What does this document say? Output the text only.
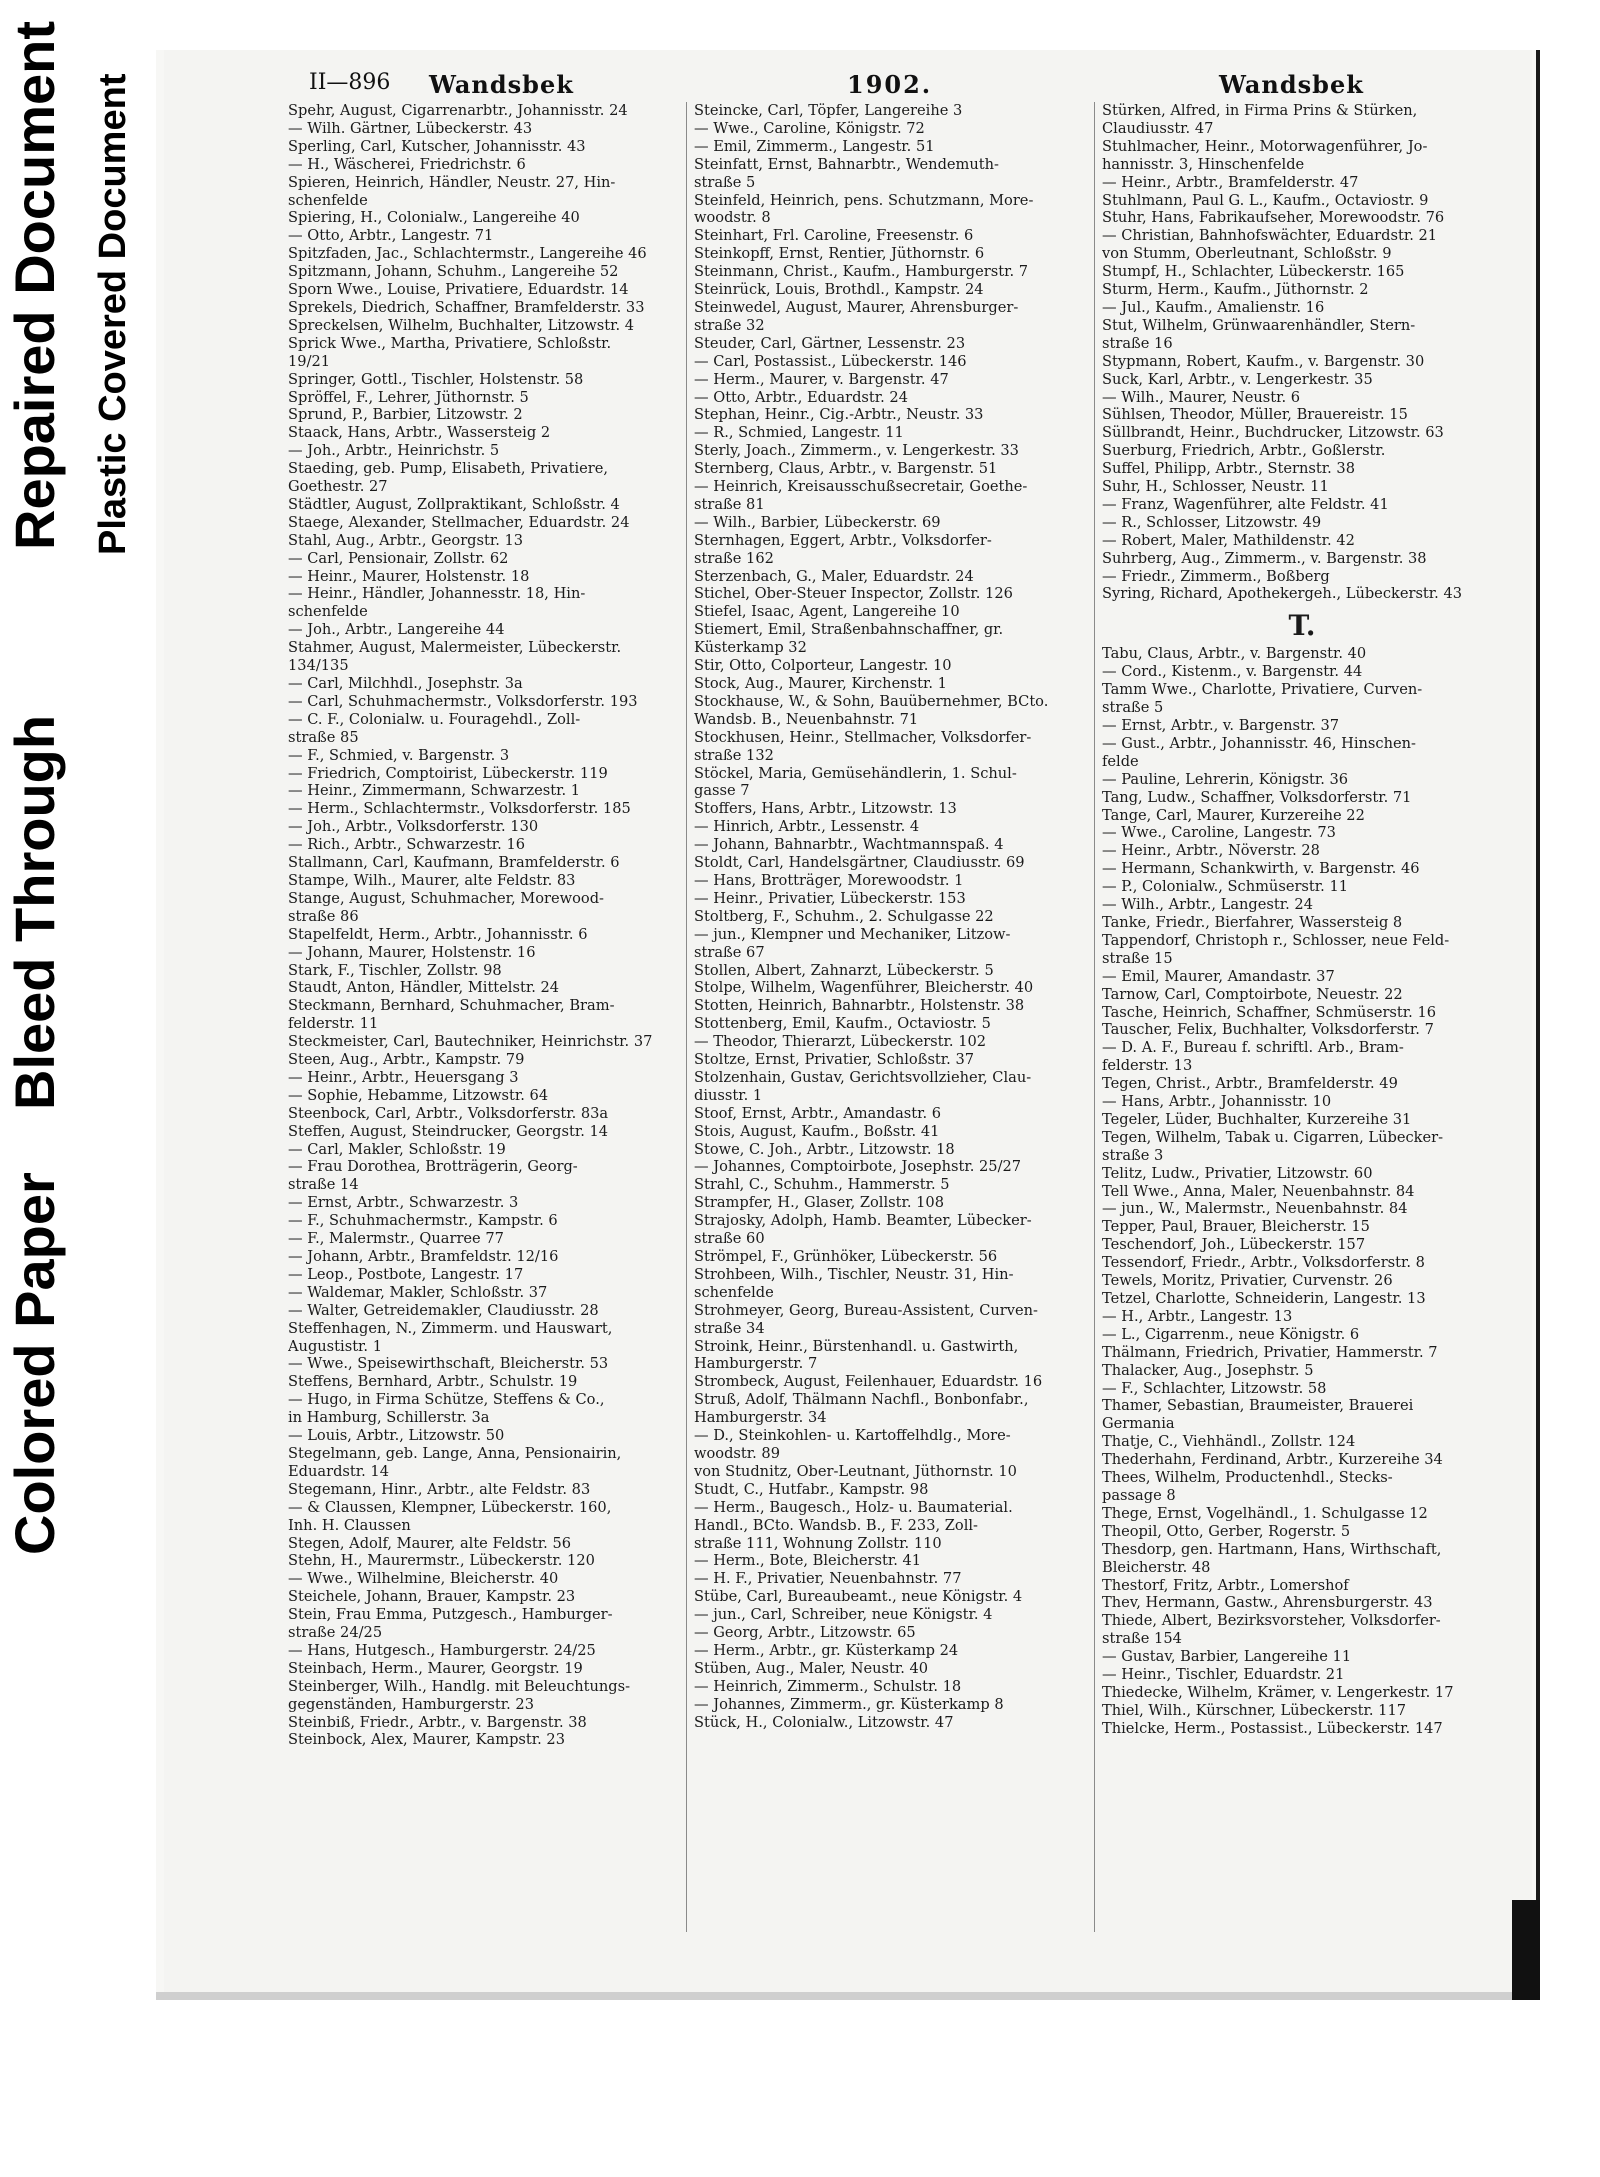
Colored Paper
Bleed Through
Repaired Document Plastic Covered Document	II—896 Wandsbek	1902.	Wandsbek
Spehr, August, Cigarrenarbtr., Johannisstr. 24
— Wilh. Gärtner, Lübeckerstr. 43
Sperling, Carl, Kutscher, Johannisstr. 43
— H., Wäscherei, Friedrichstr. 6
Spieren, Heinrich, Händler, Neustr. 27, Hin-
schenfelde
Spiering, H., Colonialw., Langereihe 40
— Otto, Arbtr., Langestr. 71
Spitzfaden, Jac., Schlachtermstr., Langereihe 46
Spitzmann, Johann, Schuhm., Langereihe 52
Sporn Wwe., Louise, Privatiere, Eduardstr. 14
Sprekels, Diedrich, Schaffner, Bramfelderstr. 33
Spreckelsen, Wilhelm, Buchhalter, Litzowstr. 4
Sprick Wwe., Martha, Privatiere, Schloßstr.
19/21
Springer, Gottl., Tischler, Holstenstr. 58
Spröffel, F., Lehrer, Jüthornstr. 5
Sprund, P., Barbier, Litzowstr. 2
Staack, Hans, Arbtr., Wassersteig 2
— Joh., Arbtr., Heinrichstr. 5
Staeding, geb. Pump, Elisabeth, Privatiere,
Goethestr. 27
Städtler, August, Zollpraktikant, Schloßstr. 4
Staege, Alexander, Stellmacher, Eduardstr. 24
Stahl, Aug., Arbtr., Georgstr. 13
— Carl, Pensionair, Zollstr. 62
— Heinr., Maurer, Holstenstr. 18
— Heinr., Händler, Johannesstr. 18, Hin-
schenfelde
— Joh., Arbtr., Langereihe 44
Stahmer, August, Malermeister, Lübeckerstr.
134/135
— Carl, Milchhdl., Josephstr. 3a
— Carl, Schuhmachermstr., Volksdorferstr. 193
— C. F., Colonialw. u. Fouragehdl., Zoll-
straße 85
— F., Schmied, v. Bargenstr. 3
— Friedrich, Comptoirist, Lübeckerstr. 119
— Heinr., Zimmermann, Schwarzestr. 1
— Herm., Schlachtermstr., Volksdorferstr. 185
— Joh., Arbtr., Volksdorferstr. 130
— Rich., Arbtr., Schwarzestr. 16
Stallmann, Carl, Kaufmann, Bramfelderstr. 6
Stampe, Wilh., Maurer, alte Feldstr. 83
Stange, August, Schuhmacher, Morewood-
straße 86
Stapelfeldt, Herm., Arbtr., Johannisstr. 6
— Johann, Maurer, Holstenstr. 16
Stark, F., Tischler, Zollstr. 98
Staudt, Anton, Händler, Mittelstr. 24
Steckmann, Bernhard, Schuhmacher, Bram-
felderstr. 11
Steckmeister, Carl, Bautechniker, Heinrichstr. 37
Steen, Aug., Arbtr., Kampstr. 79
— Heinr., Arbtr., Heuersgang 3
— Sophie, Hebamme, Litzowstr. 64
Steenbock, Carl, Arbtr., Volksdorferstr. 83a
Steffen, August, Steindrucker, Georgstr. 14
— Carl, Makler, Schloßstr. 19
— Frau Dorothea, Brotträgerin, Georg-
straße 14
— Ernst, Arbtr., Schwarzestr. 3
— F., Schuhmachermstr., Kampstr. 6
— F., Malermstr., Quarree 77
— Johann, Arbtr., Bramfeldstr. 12/16
— Leop., Postbote, Langestr. 17
— Waldemar, Makler, Schloßstr. 37
— Walter, Getreidemakler, Claudiusstr. 28
Steffenhagen, N., Zimmerm. und Hauswart,
Augustistr. 1
— Wwe., Speisewirthschaft, Bleicherstr. 53
Steffens, Bernhard, Arbtr., Schulstr. 19
— Hugo, in Firma Schütze, Steffens & Co.,
in Hamburg, Schillerstr. 3a
— Louis, Arbtr., Litzowstr. 50
Stegelmann, geb. Lange, Anna, Pensionairin,
Eduardstr. 14
Stegemann, Hinr., Arbtr., alte Feldstr. 83
— & Claussen, Klempner, Lübeckerstr. 160,
Inh. H. Claussen
Stegen, Adolf, Maurer, alte Feldstr. 56
Stehn, H., Maurermstr., Lübeckerstr. 120
— Wwe., Wilhelmine, Bleicherstr. 40
Steichele, Johann, Brauer, Kampstr. 23
Stein, Frau Emma, Putzgesch., Hamburger-
straße 24/25
— Hans, Hutgesch., Hamburgerstr. 24/25
Steinbach, Herm., Maurer, Georgstr. 19
Steinberger, Wilh., Handlg. mit Beleuchtungs-
gegenständen, Hamburgerstr. 23
Steinbiß, Friedr., Arbtr., v. Bargenstr. 38
Steinbock, Alex, Maurer, Kampstr. 23
Steincke, Carl, Töpfer, Langereihe 3
— Wwe., Caroline, Königstr. 72
— Emil, Zimmerm., Langestr. 51
Steinfatt, Ernst, Bahnarbtr., Wendemuth-
straße 5
Steinfeld, Heinrich, pens. Schutzmann, More-
woodstr. 8
Steinhart, Frl. Caroline, Freesenstr. 6
Steinkopff, Ernst, Rentier, Jüthornstr. 6
Steinmann, Christ., Kaufm., Hamburgerstr. 7
Steinrück, Louis, Brothdl., Kampstr. 24
Steinwedel, August, Maurer, Ahrensburger-
straße 32
Steuder, Carl, Gärtner, Lessenstr. 23
— Carl, Postassist., Lübeckerstr. 146
— Herm., Maurer, v. Bargenstr. 47
— Otto, Arbtr., Eduardstr. 24
Stephan, Heinr., Cig.-Arbtr., Neustr. 33
— R., Schmied, Langestr. 11
Sterly, Joach., Zimmerm., v. Lengerkestr. 33
Sternberg, Claus, Arbtr., v. Bargenstr. 51
— Heinrich, Kreisausschußsecretair, Goethe-
straße 81
— Wilh., Barbier, Lübeckerstr. 69
Sternhagen, Eggert, Arbtr., Volksdorfer-
straße 162
Sterzenbach, G., Maler, Eduardstr. 24
Stichel, Ober-Steuer Inspector, Zollstr. 126
Stiefel, Isaac, Agent, Langereihe 10
Stiemert, Emil, Straßenbahnschaffner, gr.
Küsterkamp 32
Stir, Otto, Colporteur, Langestr. 10
Stock, Aug., Maurer, Kirchenstr. 1
Stockhause, W., & Sohn, Bauübernehmer, BCto.
Wandsb. B., Neuenbahnstr. 71
Stockhusen, Heinr., Stellmacher, Volksdorfer-
straße 132
Stöckel, Maria, Gemüsehändlerin, 1. Schul-
gasse 7
Stoffers, Hans, Arbtr., Litzowstr. 13
— Hinrich, Arbtr., Lessenstr. 4
— Johann, Bahnarbtr., Wachtmannspaß. 4
Stoldt, Carl, Handelsgärtner, Claudiusstr. 69
— Hans, Brotträger, Morewoodstr. 1
— Heinr., Privatier, Lübeckerstr. 153
Stoltberg, F., Schuhm., 2. Schulgasse 22
— jun., Klempner und Mechaniker, Litzow-
straße 67
Stollen, Albert, Zahnarzt, Lübeckerstr. 5
Stolpe, Wilhelm, Wagenführer, Bleicherstr. 40
Stotten, Heinrich, Bahnarbtr., Holstenstr. 38
Stottenberg, Emil, Kaufm., Octaviostr. 5
— Theodor, Thierarzt, Lübeckerstr. 102
Stoltze, Ernst, Privatier, Schloßstr. 37
Stolzenhain, Gustav, Gerichtsvollzieher, Clau-
diusstr. 1
Stoof, Ernst, Arbtr., Amandastr. 6
Stois, August, Kaufm., Boßstr. 41
Stowe, C. Joh., Arbtr., Litzowstr. 18
— Johannes, Comptoirbote, Josephstr. 25/27
Strahl, C., Schuhm., Hammerstr. 5
Strampfer, H., Glaser, Zollstr. 108
Strajosky, Adolph, Hamb. Beamter, Lübecker-
straße 60
Strömpel, F., Grünhöker, Lübeckerstr. 56
Strohbeen, Wilh., Tischler, Neustr. 31, Hin-
schenfelde
Strohmeyer, Georg, Bureau-Assistent, Curven-
straße 34
Stroink, Heinr., Bürstenhandl. u. Gastwirth,
Hamburgerstr. 7
Strombeck, August, Feilenhauer, Eduardstr. 16
Struß, Adolf, Thälmann Nachfl., Bonbonfabr.,
Hamburgerstr. 34
— D., Steinkohlen- u. Kartoffelhdlg., More-
woodstr. 89
von Studnitz, Ober-Leutnant, Jüthornstr. 10
Studt, C., Hutfabr., Kampstr. 98
— Herm., Baugesch., Holz- u. Baumaterial.
Handl., BCto. Wandsb. B., F. 233, Zoll-
straße 111, Wohnung Zollstr. 110
— Herm., Bote, Bleicherstr. 41
— H. F., Privatier, Neuenbahnstr. 77
Stübe, Carl, Bureaubeamt., neue Königstr. 4
— jun., Carl, Schreiber, neue Königstr. 4
— Georg, Arbtr., Litzowstr. 65
— Herm., Arbtr., gr. Küsterkamp 24
Stüben, Aug., Maler, Neustr. 40
— Heinrich, Zimmerm., Schulstr. 18
— Johannes, Zimmerm., gr. Küsterkamp 8
Stück, H., Colonialw., Litzowstr. 47
Stürken, Alfred, in Firma Prins & Stürken,
Claudiusstr. 47
Stuhlmacher, Heinr., Motorwagenführer, Jo-
hannisstr. 3, Hinschenfelde
— Heinr., Arbtr., Bramfelderstr. 47
Stuhlmann, Paul G. L., Kaufm., Octaviostr. 9
Stuhr, Hans, Fabrikaufseher, Morewoodstr. 76
— Christian, Bahnhofswächter, Eduardstr. 21
von Stumm, Oberleutnant, Schloßstr. 9
Stumpf, H., Schlachter, Lübeckerstr. 165
Sturm, Herm., Kaufm., Jüthornstr. 2
— Jul., Kaufm., Amalienstr. 16
Stut, Wilhelm, Grünwaarenhändler, Stern-
straße 16
Stypmann, Robert, Kaufm., v. Bargenstr. 30
Suck, Karl, Arbtr., v. Lengerkestr. 35
— Wilh., Maurer, Neustr. 6
Sühlsen, Theodor, Müller, Brauereistr. 15
Süllbrandt, Heinr., Buchdrucker, Litzowstr. 63
Suerburg, Friedrich, Arbtr., Goßlerstr.
Suffel, Philipp, Arbtr., Sternstr. 38
Suhr, H., Schlosser, Neustr. 11
— Franz, Wagenführer, alte Feldstr. 41
— R., Schlosser, Litzowstr. 49
— Robert, Maler, Mathildenstr. 42
Suhrberg, Aug., Zimmerm., v. Bargenstr. 38
— Friedr., Zimmerm., Boßberg
Syring, Richard, Apothekergeh., Lübeckerstr. 43
T.
Tabu, Claus, Arbtr., v. Bargenstr. 40
— Cord., Kistenm., v. Bargenstr. 44
Tamm Wwe., Charlotte, Privatiere, Curven-
straße 5
— Ernst, Arbtr., v. Bargenstr. 37
— Gust., Arbtr., Johannisstr. 46, Hinschen-
felde
— Pauline, Lehrerin, Königstr. 36
Tang, Ludw., Schaffner, Volksdorferstr. 71
Tange, Carl, Maurer, Kurzereihe 22
— Wwe., Caroline, Langestr. 73
— Heinr., Arbtr., Növerstr. 28
— Hermann, Schankwirth, v. Bargenstr. 46
— P., Colonialw., Schmüserstr. 11
— Wilh., Arbtr., Langestr. 24
Tanke, Friedr., Bierfahrer, Wassersteig 8
Tappendorf, Christoph r., Schlosser, neue Feld-
straße 15
— Emil, Maurer, Amandastr. 37
Tarnow, Carl, Comptoirbote, Neuestr. 22
Tasche, Heinrich, Schaffner, Schmüserstr. 16
Tauscher, Felix, Buchhalter, Volksdorferstr. 7
— D. A. F., Bureau f. schriftl. Arb., Bram-
felderstr. 13
Tegen, Christ., Arbtr., Bramfelderstr. 49
— Hans, Arbtr., Johannisstr. 10
Tegeler, Lüder, Buchhalter, Kurzereihe 31
Tegen, Wilhelm, Tabak u. Cigarren, Lübecker-
straße 3
Telitz, Ludw., Privatier, Litzowstr. 60
Tell Wwe., Anna, Maler, Neuenbahnstr. 84
— jun., W., Malermstr., Neuenbahnstr. 84
Tepper, Paul, Brauer, Bleicherstr. 15
Teschendorf, Joh., Lübeckerstr. 157
Tessendorf, Friedr., Arbtr., Volksdorferstr. 8
Tewels, Moritz, Privatier, Curvenstr. 26
Tetzel, Charlotte, Schneiderin, Langestr. 13
— H., Arbtr., Langestr. 13
— L., Cigarrenm., neue Königstr. 6
Thälmann, Friedrich, Privatier, Hammerstr. 7
Thalacker, Aug., Josephstr. 5
— F., Schlachter, Litzowstr. 58
Thamer, Sebastian, Braumeister, Brauerei
Germania
Thatje, C., Viehhändl., Zollstr. 124
Thederhahn, Ferdinand, Arbtr., Kurzereihe 34
Thees, Wilhelm, Productenhdl., Stecks-
passage 8
Thege, Ernst, Vogelhändl., 1. Schulgasse 12
Theopil, Otto, Gerber, Rogerstr. 5
Thesdorp, gen. Hartmann, Hans, Wirthschaft,
Bleicherstr. 48
Thestorf, Fritz, Arbtr., Lomershof
Thev, Hermann, Gastw., Ahrensburgerstr. 43
Thiede, Albert, Bezirksvorsteher, Volksdorfer-
straße 154
— Gustav, Barbier, Langereihe 11
— Heinr., Tischler, Eduardstr. 21
Thiedecke, Wilhelm, Krämer, v. Lengerkestr. 17
Thiel, Wilh., Kürschner, Lübeckerstr. 117
Thielcke, Herm., Postassist., Lübeckerstr. 147
